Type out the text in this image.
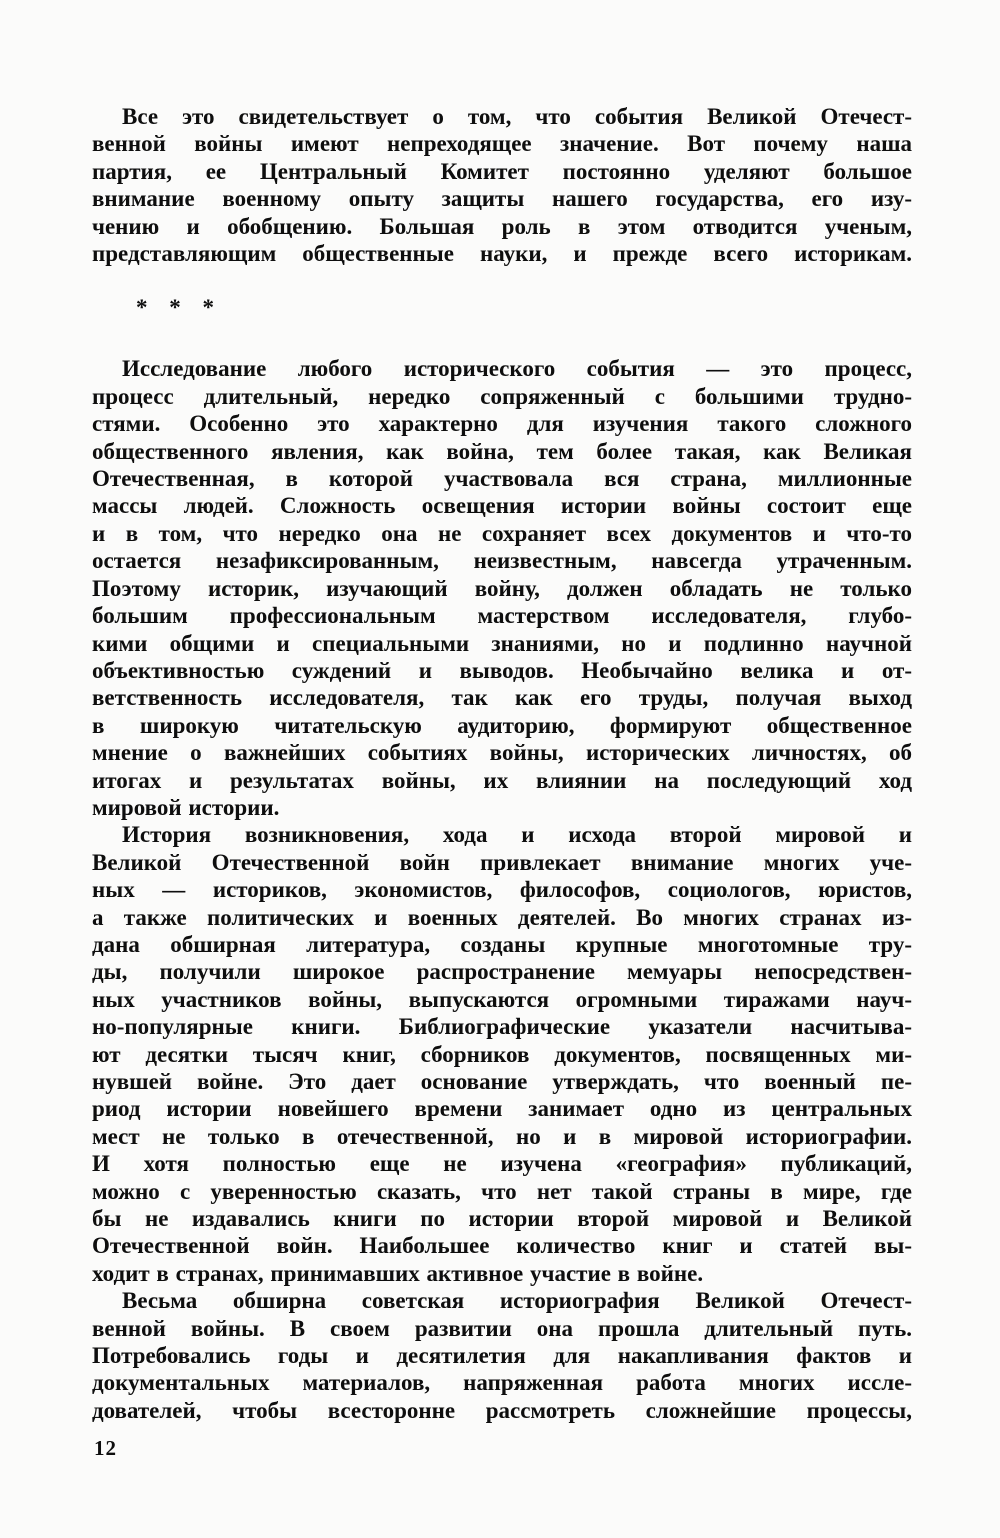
Все это свидетельствует о том, что события Великой Отечест-
венной войны имеют непреходящее значение. Вот почему наша
партия, ее Центральный Комитет постоянно уделяют большое
внимание военному опыту защиты нашего государства, его изу-
чению и обобщению. Большая роль в этом отводится ученым,
представляющим общественные науки, и прежде всего историкам.
* * *
Исследование любого исторического события — это процесс,
процесс длительный, нередко сопряженный с большими трудно-
стями. Особенно это характерно для изучения такого сложного
общественного явления, как война, тем более такая, как Великая
Отечественная, в которой участвовала вся страна, миллионные
массы людей. Сложность освещения истории войны состоит еще
и в том, что нередко она не сохраняет всех документов и что-то
остается незафиксированным, неизвестным, навсегда утраченным.
Поэтому историк, изучающий войну, должен обладать не только
большим профессиональным мастерством исследователя, глубо-
кими общими и специальными знаниями, но и подлинно научной
объективностью суждений и выводов. Необычайно велика и от-
ветственность исследователя, так как его труды, получая выход
в широкую читательскую аудиторию, формируют общественное
мнение о важнейших событиях войны, исторических личностях, об
итогах и результатах войны, их влиянии на последующий ход
мировой истории.
История возникновения, хода и исхода второй мировой и
Великой Отечественной войн привлекает внимание многих уче-
ных — историков, экономистов, философов, социологов, юристов,
а также политических и военных деятелей. Во многих странах из-
дана обширная литература, созданы крупные многотомные тру-
ды, получили широкое распространение мемуары непосредствен-
ных участников войны, выпускаются огромными тиражами науч-
но-популярные книги. Библиографические указатели насчитыва-
ют десятки тысяч книг, сборников документов, посвященных ми-
нувшей войне. Это дает основание утверждать, что военный пе-
риод истории новейшего времени занимает одно из центральных
мест не только в отечественной, но и в мировой историографии.
И хотя полностью еще не изучена «география» публикаций,
можно с уверенностью сказать, что нет такой страны в мире, где
бы не издавались книги по истории второй мировой и Великой
Отечественной войн. Наибольшее количество книг и статей вы-
ходит в странах, принимавших активное участие в войне.
Весьма обширна советская историография Великой Отечест-
венной войны. В своем развитии она прошла длительный путь.
Потребовались годы и десятилетия для накапливания фактов и
документальных материалов, напряженная работа многих иссле-
дователей, чтобы всесторонне рассмотреть сложнейшие процессы,
12
